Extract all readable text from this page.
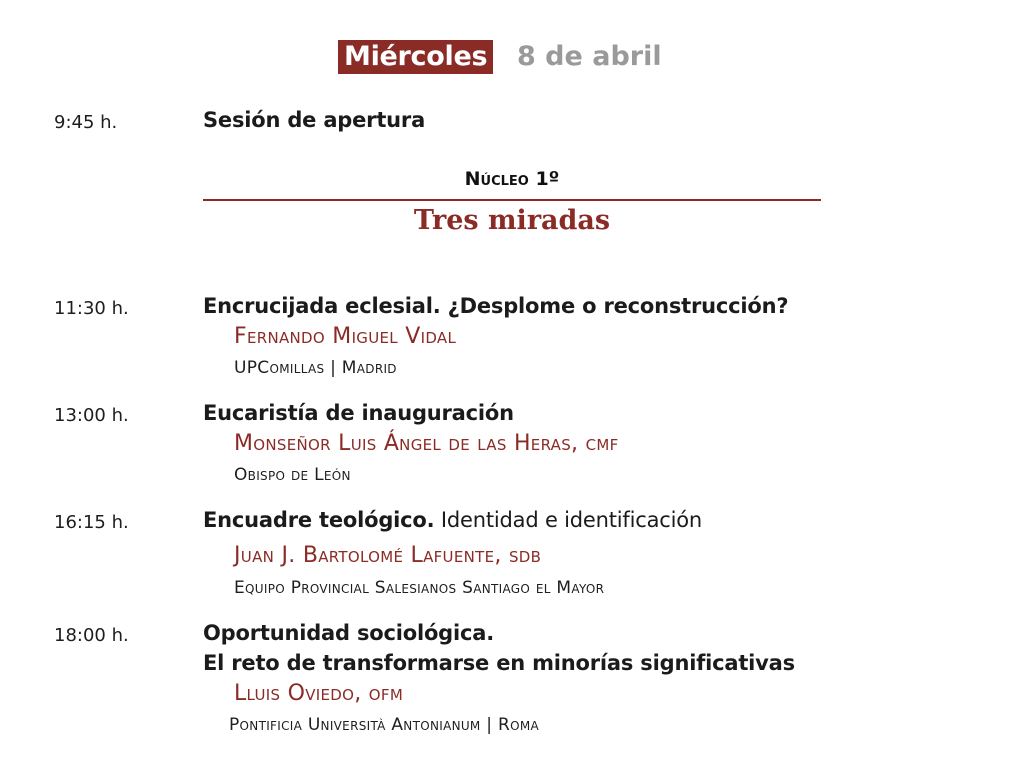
Miércoles 8 de abril
9:45 h.	Sesión de apertura
Núcleo 1º
Tres miradas
11:30 h.	Encrucijada eclesial. ¿Desplome o reconstrucción?
Fernando Miguel Vidal
UPComillas | Madrid
13:00 h.	Eucaristía de inauguración
Monseñor Luis Ángel de las Heras, cmf
Obispo de León
16:15 h.	Encuadre teológico. Identidad e identificación
Juan J. Bartolomé Lafuente, sdb
Equipo Provincial Salesianos Santiago el Mayor
18:00 h.	Oportunidad sociológica.
El reto de transformarse en minorías significativas
Lluis Oviedo, ofm
Pontificia Università Antonianum | Roma
